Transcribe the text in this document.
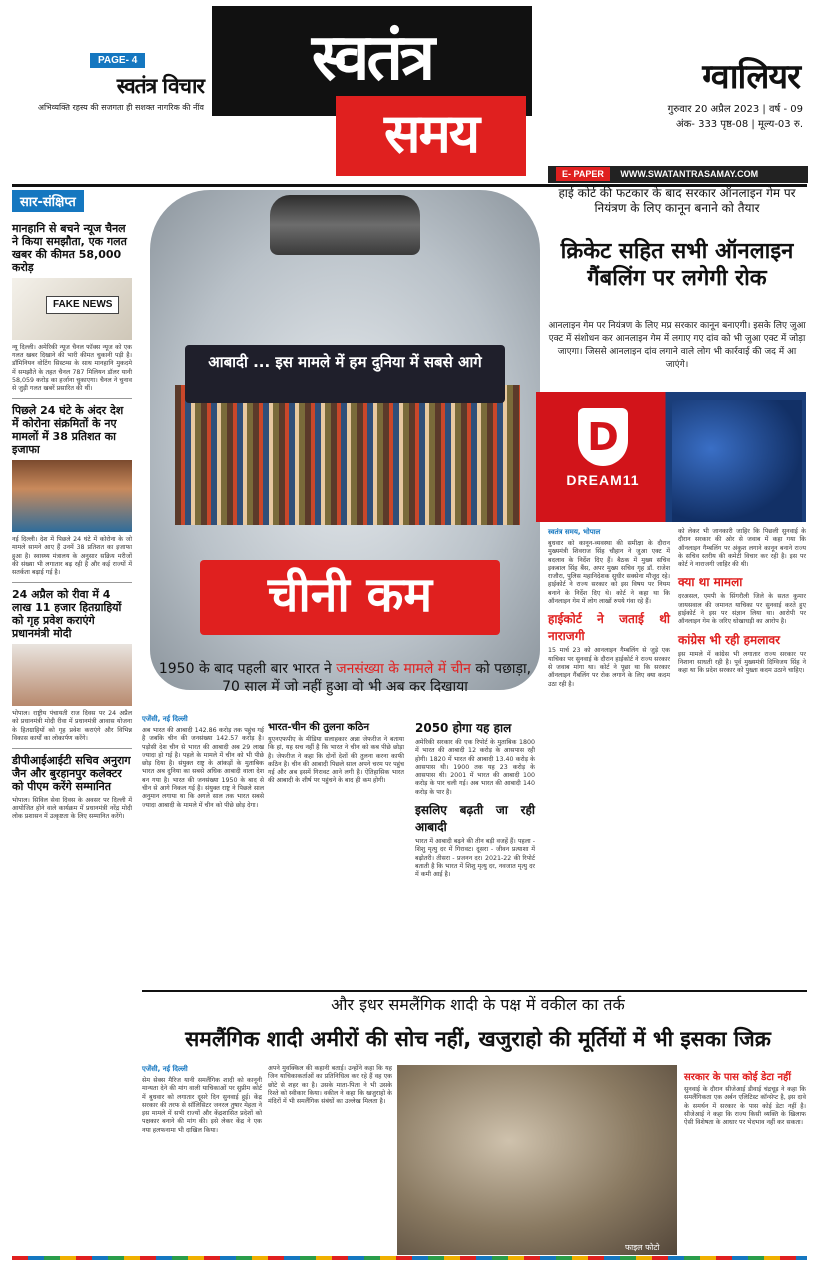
PAGE- 4
स्वतंत्र विचार
अभिव्यक्ति रहस्य की सजगता ही सशक्त नागरिक की नींव
स्वतंत्र
समय
ग्वालियर
गुरुवार 20 अप्रैल 2023 | वर्ष - 09
अंक- 333 पृष्ठ-08 | मूल्य-03 रु.
E- PAPER WWW.SWATANTRASAMAY.COM
सार-संक्षिप्त
मानहानि से बचने न्यूज चैनल ने किया समझौता, एक गलत खबर की कीमत 58,000 करोड़
FAKE NEWS
न्यू दिल्ली। अमेरिकी न्यूज चैनल फॉक्स न्यूज को एक गलत खबर दिखाने की भारी कीमत चुकानी पड़ी है। डॉमिनियन वोटिंग सिस्टम्स के साथ मानहानि मुकदमे में समझौते के तहत चैनल 787 मिलियन डॉलर यानी 58,059 करोड़ का हर्जाना चुकाएगा। चैनल ने चुनाव से जुड़ी गलत खबरें प्रसारित की थीं।
पिछले 24 घंटे के अंदर देश में कोरोना संक्रमितों के नए मामलों में 38 प्रतिशत का इजाफा
नई दिल्ली। देश में पिछले 24 घंटे में कोरोना के जो मामले सामने आए हैं उनमें 38 प्रतिशत का इजाफा हुआ है। स्वास्थ्य मंत्रालय के अनुसार सक्रिय मरीजों की संख्या भी लगातार बढ़ रही है और कई राज्यों में सतर्कता बढ़ाई गई है।
24 अप्रैल को रीवा में 4 लाख 11 हजार हितग्राहियों को गृह प्रवेश कराएंगे प्रधानमंत्री मोदी
भोपाल। राष्ट्रीय पंचायती राज दिवस पर 24 अप्रैल को प्रधानमंत्री मोदी रीवा में प्रधानमंत्री आवास योजना के हितग्राहियों को गृह प्रवेश कराएंगे और विभिन्न विकास कार्यों का लोकार्पण करेंगे।
डीपीआईआईटी सचिव अनुराग जैन और बुरहानपुर कलेक्टर को पीएम करेंगे सम्मानित
भोपाल। सिविल सेवा दिवस के अवसर पर दिल्ली में आयोजित होने वाले कार्यक्रम में प्रधानमंत्री नरेंद्र मोदी लोक प्रशासन में उत्कृष्टता के लिए सम्मानित करेंगे।
आबादी ... इस मामले में हम दुनिया में सबसे आगे
चीनी कम
1950 के बाद पहली बार भारत ने जनसंख्या के मामले में चीन को पछाड़ा, 70 साल में जो नहीं हुआ वो भी अब कर दिखाया
एजेंसी, नई दिल्ली
अब भारत की आबादी 142.86 करोड़ तक पहुंच गई है जबकि चीन की जनसंख्या 142.57 करोड़ है। पड़ोसी देश चीन से भारत की आबादी अब 29 लाख ज्यादा हो गई है। पहले के मामले में चीन को भी पीछे छोड़ दिया है। संयुक्त राष्ट्र के आंकड़ों के मुताबिक भारत अब दुनिया का सबसे अधिक आबादी वाला देश बन गया है। भारत की जनसंख्या 1950 के बाद से चीन से आगे निकल गई है। संयुक्त राष्ट्र ने पिछले साल अनुमान लगाया था कि अगले साल तक भारत सबसे ज्यादा आबादी के मामले में चीन को पीछे छोड़ देगा।
भारत-चीन की तुलना कठिन
यूएनएफपीए के मीडिया सलाहकार अन्ना जेफरीज ने बताया कि हां, यह सच नहीं है कि भारत ने चीन को कब पीछे छोड़ा है। जेफरीज ने कहा कि दोनों देशों की तुलना करना काफी कठिन है। चीन की आबादी पिछले साल अपने चरम पर पहुंच गई और अब इसमें गिरावट आने लगी है। ऐतिहासिक भारत की आबादी के शीर्ष पर पहुंचने के बाद ही कम होगी।
2050 होगा यह हाल
अमेरिकी सरकार की एक रिपोर्ट के मुताबिक 1800 में भारत की आबादी 12 करोड़ के आसपास रही होगी। 1820 में भारत की आबादी 13.40 करोड़ के आसपास थी। 1900 तक यह 23 करोड़ के आसपास थी। 2001 में भारत की आबादी 100 करोड़ के पार चली गई। अब भारत की आबादी 140 करोड़ के पार है।
इसलिए बढ़ती जा रही आबादी
भारत में आबादी बढ़ने की तीन बड़ी वजहें हैं। पहला - शिशु मृत्यु दर में गिरावट। दूसरा - जीवन प्रत्याशा में बढ़ोतरी। तीसरा - प्रजनन दर। 2021-22 की रिपोर्ट बताती है कि भारत में शिशु मृत्यु दर, नवजात मृत्यु दर में कमी आई है।
हाई कोर्ट की फटकार के बाद सरकार ऑनलाइन गेम पर नियंत्रण के लिए कानून बनाने को तैयार
क्रिकेट सहित सभी ऑनलाइन गैंबलिंग पर लगेगी रोक
आनलाइन गेम पर नियंत्रण के लिए मप्र सरकार कानून बनाएगी। इसके लिए जुआ एक्ट में संशोधन कर आनलाइन गेम में लगाए गए दांव को भी जुआ एक्ट में जोड़ा जाएगा। जिससे आनलाइन दांव लगाने वाले लोग भी कार्रवाई की जद में आ जाएंगे।
D
DREAM11
स्वतंत्र समय, भोपाल
बुधवार को कानून-व्यवस्था की समीक्षा के दौरान मुख्यमंत्री शिवराज सिंह चौहान ने जुआ एक्ट में बदलाव के निर्देश दिए हैं। बैठक में मुख्य सचिव इकबाल सिंह बैंस, अपर मुख्य सचिव गृह डॉ. राजेश राजौरा, पुलिस महानिदेशक सुधीर सक्सेना मौजूद रहे। हाईकोर्ट ने राज्य सरकार को इस विषय पर नियम बनाने के निर्देश दिए थे। कोर्ट ने कहा था कि ऑनलाइन गेम में लोग लाखों रुपये गंवा रहे हैं।
हाईकोर्ट ने जताई थी नाराजगी
15 मार्च 23 को आनलाइन गैम्बलिंग से जुड़े एक याचिका पर सुनवाई के दौरान हाईकोर्ट ने राज्य सरकार से जवाब मांगा था। कोर्ट ने पूछा था कि सरकार ऑनलाइन गैंबलिंग पर रोक लगाने के लिए क्या कदम उठा रही है।
को लेकर भी जानकारी जाहिर कि पिछली सुनवाई के दौरान सरकार की ओर से जवाब में कहा गया कि ऑनलाइन गैम्बलिंग पर अंकुश लगाने कानून बनाने राज्य के सचिव स्तरीय की कमेटी विचार कर रही है। इस पर कोर्ट ने नाराजगी जाहिर की थी।
क्या था मामला
दरअसल, एमपी के सिंगरौली जिले के सतत कुमार जायसवाल की जमानत याचिका पर सुनवाई करते हुए हाईकोर्ट ने इस पर संज्ञान लिया था। आरोपी पर ऑनलाइन गेम के जरिए धोखाधड़ी का आरोप है।
कांग्रेस भी रही हमलावर
इस मामले में कांग्रेस भी लगातार राज्य सरकार पर निशाना साधती रही है। पूर्व मुख्यमंत्री दिग्विजय सिंह ने कहा था कि प्रदेश सरकार को पुख्ता कदम उठाने चाहिए।
और इधर समलैंगिक शादी के पक्ष में वकील का तर्क
समलैंगिक शादी अमीरों की सोच नहीं, खजुराहो की मूर्तियों में भी इसका जिक्र
एजेंसी, नई दिल्ली
सेम सेक्स मैरिज यानी समलैंगिक शादी को कानूनी मान्यता देने की मांग वाली याचिकाओं पर सुप्रीम कोर्ट में बुधवार को लगातार दूसरे दिन सुनवाई हुई। केंद्र सरकार की तरफ से सॉलिसिटर जनरल तुषार मेहता ने इस मामले में सभी राज्यों और केंद्रशासित प्रदेशों को पक्षकार बनाने की मांग की। इसे लेकर केंद्र ने एक नया हलफनामा भी दाखिल किया।
अपने मुवक्किल की कहानी बताई। उन्होंने कहा कि यह जिन याचिकाकर्ताओं का प्रतिनिधित्व कर रहे हैं वह एक छोटे से शहर का है। उसके माता-पिता ने भी उसके रिश्ते को स्वीकार किया। वकील ने कहा कि खजुराहो के मंदिरों में भी समलैंगिक संबंधों का उल्लेख मिलता है।
फाइल फोटो
सरकार के पास कोई डेटा नहीं
सुनवाई के दौरान सीजेआई डीवाई चंद्रचूड़ ने कहा कि समलैंगिकता एक अर्बन एलिटिस्ट कॉन्सेप्ट है, इस दावे के समर्थन में सरकार के पास कोई डेटा नहीं है। सीजेआई ने कहा कि राज्य किसी व्यक्ति के खिलाफ ऐसी विशेषता के आधार पर भेदभाव नहीं कर सकता।
